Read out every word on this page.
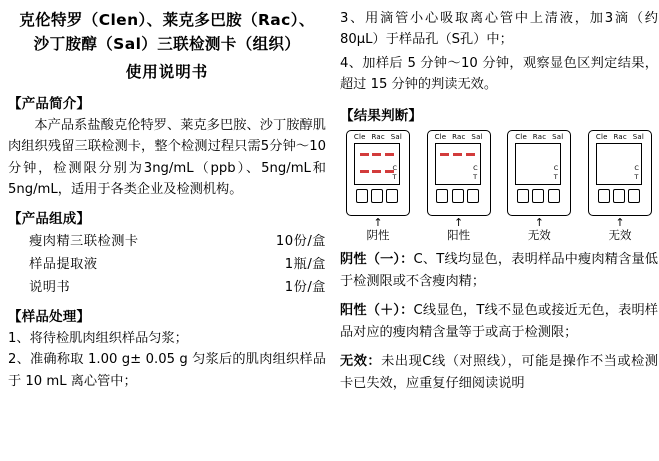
克伦特罗（Clen）、莱克多巴胺（Rac）、
沙丁胺醇（Sal）三联检测卡（组织）
使用说明书
【产品简介】

本产品系盐酸克伦特罗、莱克多巴胺、沙丁胺醇肌肉组织残留三联检测卡，整个检测过程只需5分钟～10分钟，检测限分别为3ng/mL（ppb）、5ng/mL和5ng/mL，适用于各类企业及检测机构。

【产品组成】
瘦肉精三联检测卡	10份/盒
样品提取液	1瓶/盒
说明书	1份/盒
【样品处理】

1、将待检肌肉组织样品匀浆；

2、准确称取 1.00 g± 0.05 g 匀浆后的肌肉组织样品于 10 mL 离心管中；

3、用滴管小心吸取离心管中上清液，加3滴（约80μL）于样品孔（S孔）中；

4、加样后 5 分钟～10 分钟，观察显色区判定结果，超过 15 分钟的判读无效。

【结果判断】
Cle Rac Sal
C
T
↑
阴性
Cle Rac Sal
C
T
↑
阳性
Cle Rac Sal
C
T
↑
无效
Cle Rac Sal
C
T
↑
无效

阴性（一）：C、T线均显色，表明样品中瘦肉精含量低于检测限或不含瘦肉精；

阳性（＋）：C线显色，T线不显色或接近无色，表明样品对应的瘦肉精含量等于或高于检测限；

无效：未出现C线（对照线），可能是操作不当或检测卡已失效，应重复仔细阅读说明
